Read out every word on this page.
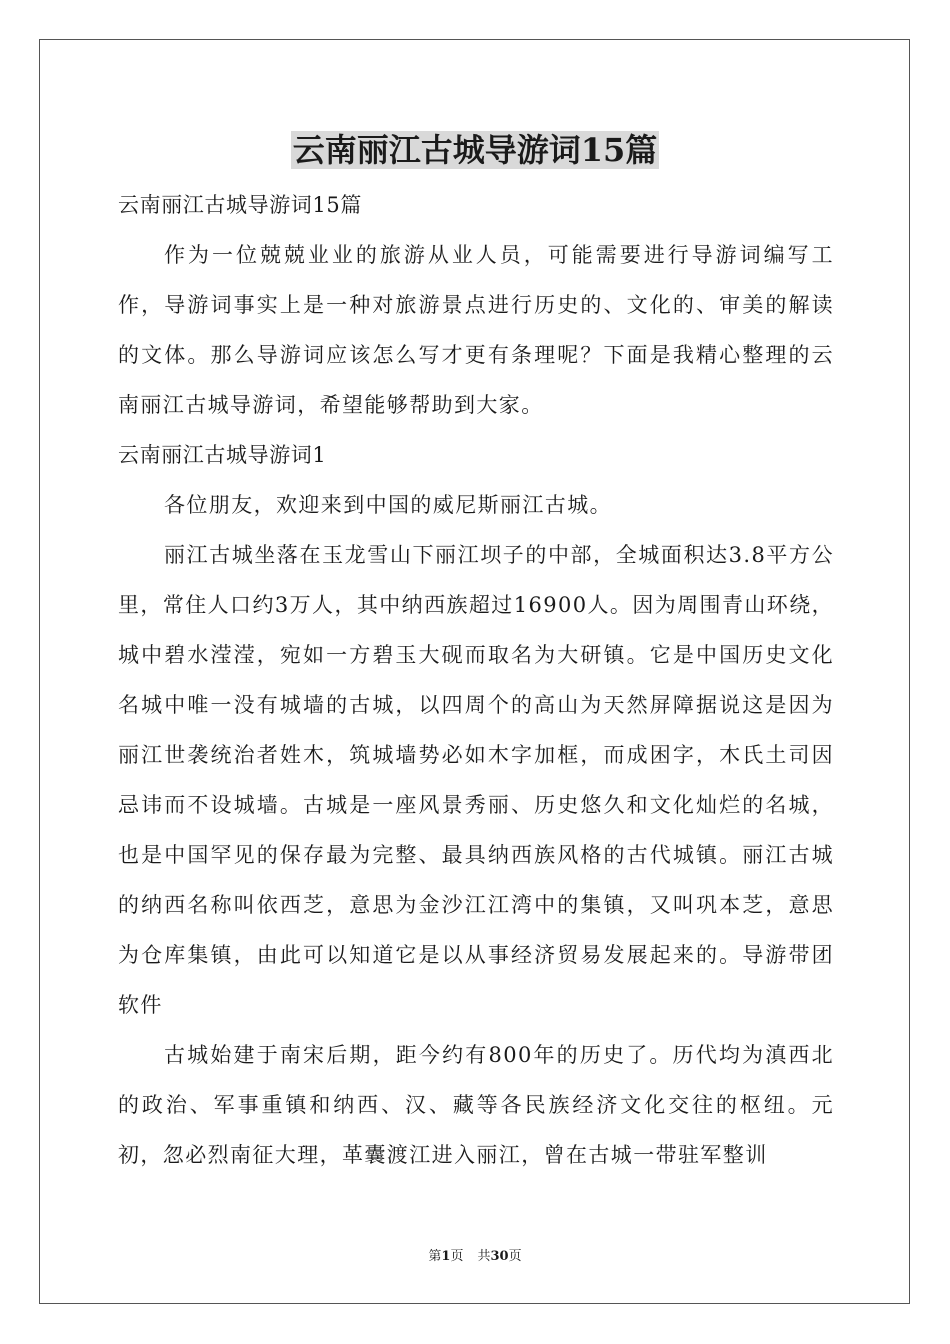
云南丽江古城导游词15篇

云南丽江古城导游词15篇

作为一位兢兢业业的旅游从业人员，可能需要进行导游词编写工作，导游词事实上是一种对旅游景点进行历史的、文化的、审美的解读的文体。那么导游词应该怎么写才更有条理呢？下面是我精心整理的云南丽江古城导游词，希望能够帮助到大家。

云南丽江古城导游词1

各位朋友，欢迎来到中国的威尼斯丽江古城。

丽江古城坐落在玉龙雪山下丽江坝子的中部，全城面积达3.8平方公里，常住人口约3万人，其中纳西族超过16900人。因为周围青山环绕，城中碧水滢滢，宛如一方碧玉大砚而取名为大研镇。它是中国历史文化名城中唯一没有城墙的古城，以四周个的高山为天然屏障据说这是因为丽江世袭统治者姓木，筑城墙势必如木字加框，而成困字，木氏土司因忌讳而不设城墙。古城是一座风景秀丽、历史悠久和文化灿烂的名城，也是中国罕见的保存最为完整、最具纳西族风格的古代城镇。丽江古城的纳西名称叫依西芝，意思为金沙江江湾中的集镇，又叫巩本芝，意思为仓库集镇，由此可以知道它是以从事经济贸易发展起来的。导游带团软件

古城始建于南宋后期，距今约有800年的历史了。历代均为滇西北的政治、军事重镇和纳西、汉、藏等各民族经济文化交往的枢纽。元初，忽必烈南征大理，革囊渡江进入丽江，曾在古城一带驻军整训

第1页 共30页
